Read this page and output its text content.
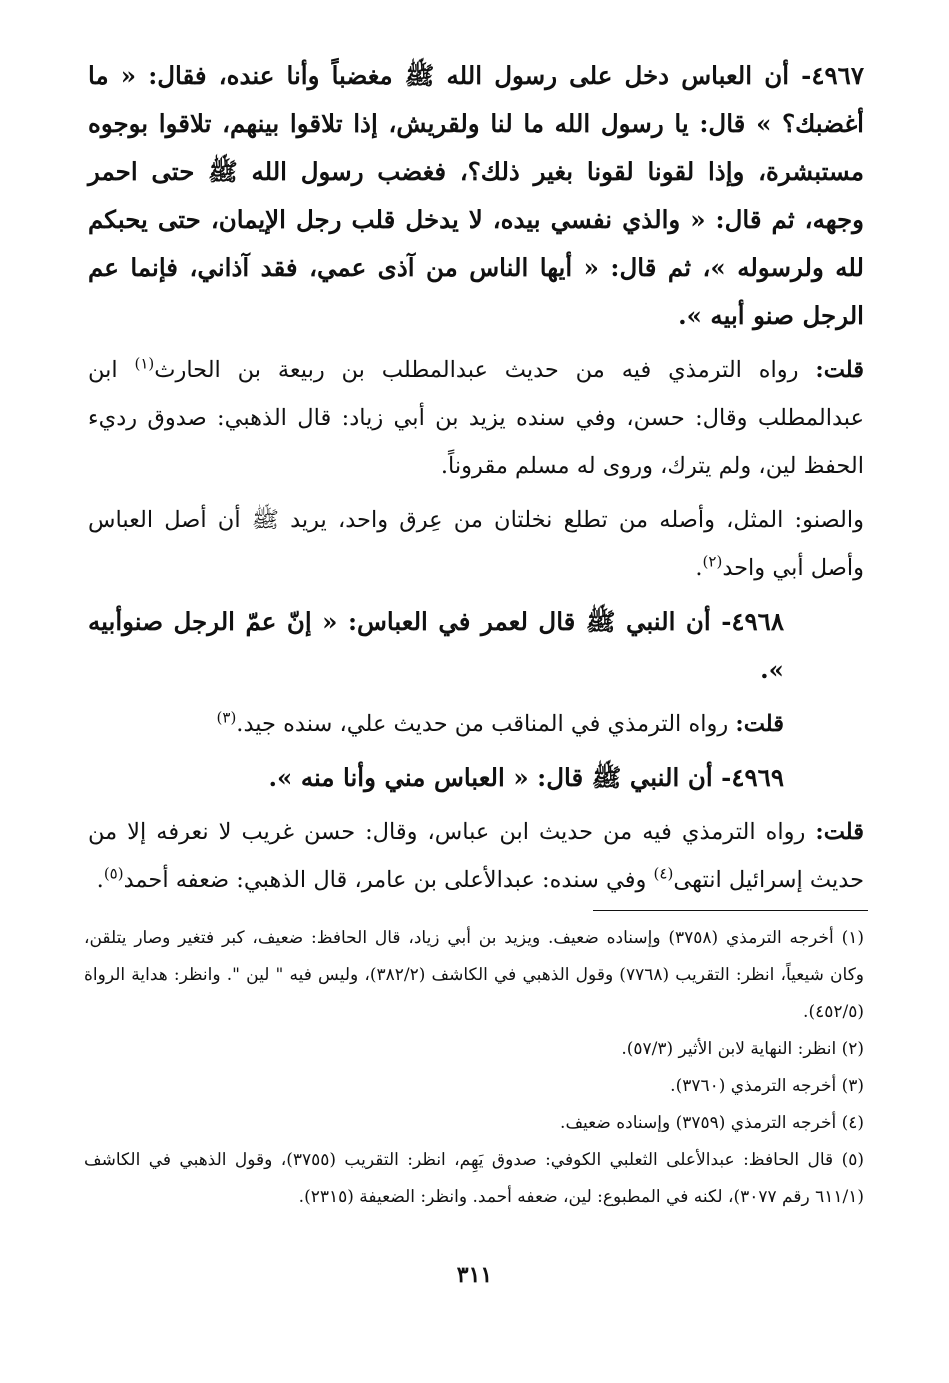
٤٩٦٧- أن العباس دخل على رسول الله ﷺ مغضباً وأنا عنده، فقال: « ما أغضبك؟ » قال: يا رسول الله ما لنا ولقريش، إذا تلاقوا بينهم، تلاقوا بوجوه مستبشرة، وإذا لقونا لقونا بغير ذلك؟، فغضب رسول الله ﷺ حتى احمر وجهه، ثم قال: « والذي نفسي بيده، لا يدخل قلب رجل الإيمان، حتى يحبكم لله ولرسوله »، ثم قال: « أيها الناس من آذى عمي، فقد آذاني، فإنما عم الرجل صنو أبيه ».

قلت: رواه الترمذي فيه من حديث عبدالمطلب بن ربيعة بن الحارث$^{(١)}$ ابن عبدالمطلب وقال: حسن، وفي سنده يزيد بن أبي زياد: قال الذهبي: صدوق رديء الحفظ لين، ولم يترك، وروى له مسلم مقروناً.

والصنو: المثل، وأصله من تطلع نخلتان من عِرق واحد، يريد ﷺ أن أصل العباس وأصل أبي واحد$^{(٢)}$.

٤٩٦٨- أن النبي ﷺ قال لعمر في العباس: « إنّ عمّ الرجل صنوأبيه ».

قلت: رواه الترمذي في المناقب من حديث علي، سنده جيد.$^{(٣)}$

٤٩٦٩- أن النبي ﷺ قال: « العباس مني وأنا منه ».

قلت: رواه الترمذي فيه من حديث ابن عباس، وقال: حسن غريب لا نعرفه إلا من حديث إسرائيل انتهى$^{(٤)}$ وفي سنده: عبدالأعلى بن عامر، قال الذهبي: ضعفه أحمد$^{(٥)}$.

(١) أخرجه الترمذي (٣٧٥٨) وإسناده ضعيف. ويزيد بن أبي زياد، قال الحافظ: ضعيف، كبر فتغير وصار يتلقن، وكان شيعياً، انظر: التقريب (٧٧٦٨) وقول الذهبي في الكاشف (٣٨٢/٢)، وليس فيه " لين ". وانظر: هداية الرواة (٤٥٢/٥).

(٢) انظر: النهاية لابن الأثير (٥٧/٣).

(٣) أخرجه الترمذي (٣٧٦٠).

(٤) أخرجه الترمذي (٣٧٥٩) وإسناده ضعيف.

(٥) قال الحافظ: عبدالأعلى الثعلبي الكوفي: صدوق يَهِم، انظر: التقريب (٣٧٥٥)، وقول الذهبي في الكاشف (٦١١/١ رقم ٣٠٧٧)، لكنه في المطبوع: لين، ضعفه أحمد. وانظر: الضعيفة (٢٣١٥).

٣١١
